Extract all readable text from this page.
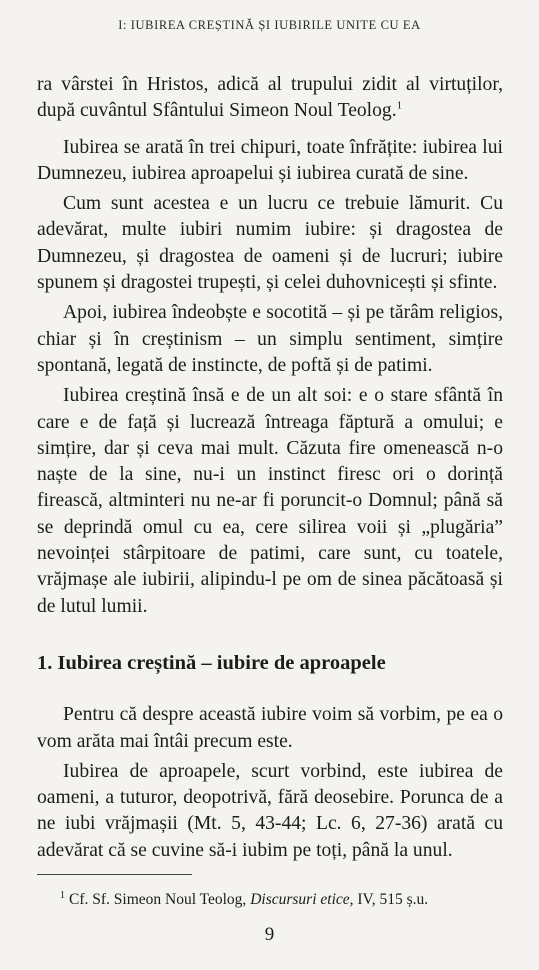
I: IUBIREA CREȘTINĂ ȘI IUBIRILE UNITE CU EA

ra vârstei în Hristos, adică al trupului zidit al virtuților, după cuvântul Sfântului Simeon Noul Teolog.$^1$

Iubirea se arată în trei chipuri, toate înfrățite: iubirea lui Dumnezeu, iubirea aproapelui și iubirea curată de sine.

Cum sunt acestea e un lucru ce trebuie lămurit. Cu adevărat, multe iubiri numim iubire: și dragostea de Dumnezeu, și dragostea de oameni și de lucruri; iubire spunem și dragostei trupești, și celei duhovnicești și sfinte.

Apoi, iubirea îndeobște e socotită – și pe tărâm religios, chiar și în creștinism – un simplu sentiment, simțire spontană, legată de instincte, de poftă și de patimi.

Iubirea creștină însă e de un alt soi: e o stare sfântă în care e de față și lucrează întreaga făptură a omului; e simțire, dar și ceva mai mult. Căzuta fire omenească n-o naște de la sine, nu-i un instinct firesc ori o dorință firească, altminteri nu ne-ar fi poruncit-o Domnul; până să se deprindă omul cu ea, cere silirea voii și „plugăria” nevoinței stârpitoare de patimi, care sunt, cu toatele, vrăjmașe ale iubirii, alipindu-l pe om de sinea păcătoasă și de lutul lumii.

1. Iubirea creștină – iubire de aproapele

Pentru că despre această iubire voim să vorbim, pe ea o vom arăta mai întâi precum este.

Iubirea de aproapele, scurt vorbind, este iubirea de oameni, a tuturor, deopotrivă, fără deosebire. Porunca de a ne iubi vrăjmașii (Mt. 5, 43-44; Lc. 6, 27-36) arată cu adevărat că se cuvine să-i iubim pe toți, până la unul.

$^1$ Cf. Sf. Simeon Noul Teolog, Discursuri etice, IV, 515 ș.u.
9
